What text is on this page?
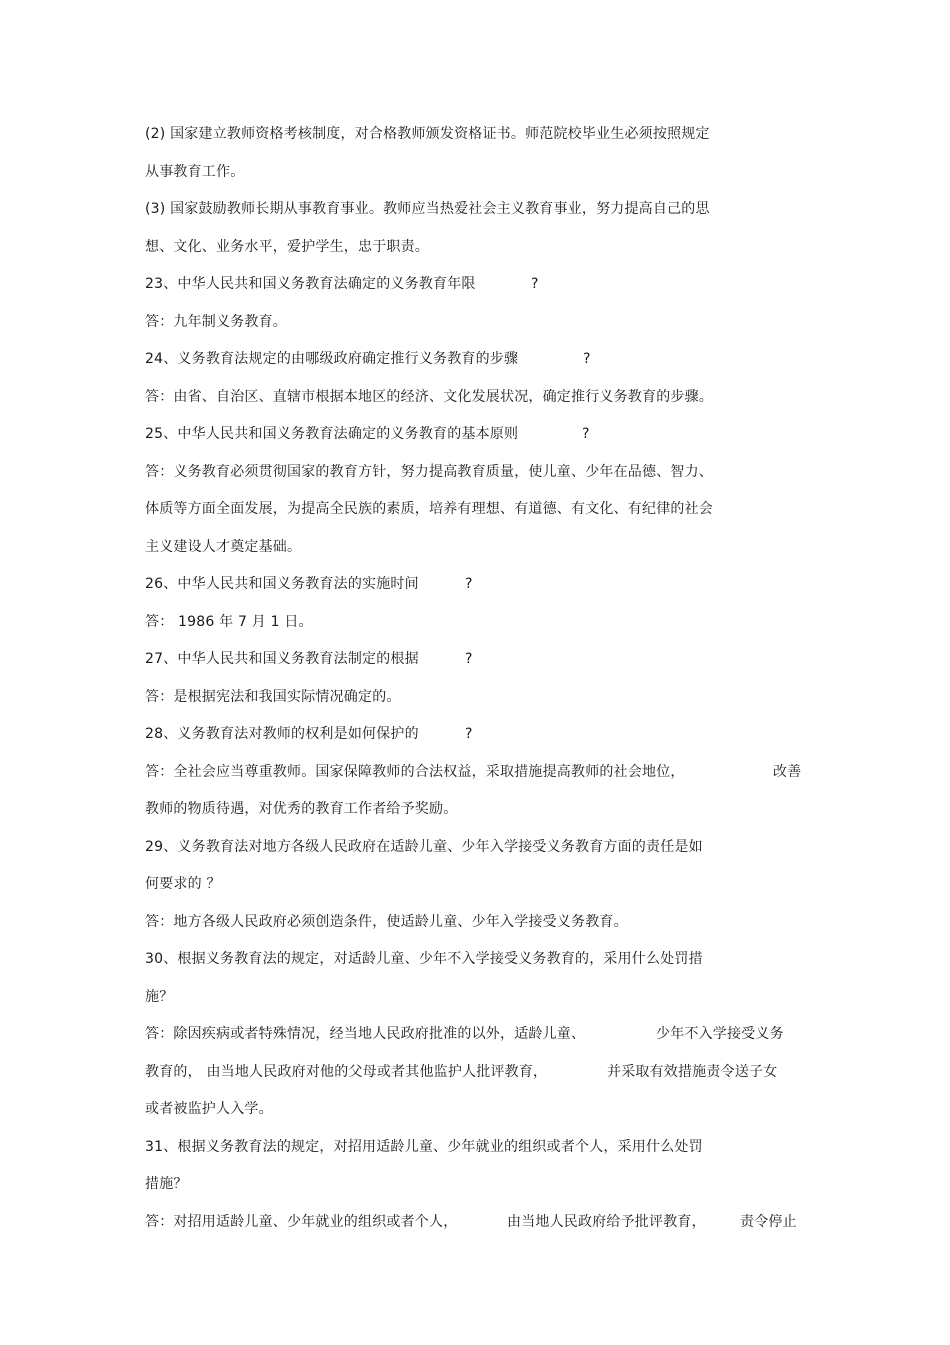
(2) 国家建立教师资格考核制度，对合格教师颁发资格证书。师范院校毕业生必须按照规定
从事教育工作。
(3) 国家鼓励教师长期从事教育事业。教师应当热爱社会主义教育事业，努力提高自己的思
想、文化、业务水平，爱护学生，忠于职责。
23、中华人民共和国义务教育法确定的义务教育年限	?
答：九年制义务教育。
24、义务教育法规定的由哪级政府确定推行义务教育的步骤	?
答：由省、自治区、直辖市根据本地区的经济、文化发展状况，确定推行义务教育的步骤。
25、中华人民共和国义务教育法确定的义务教育的基本原则	?
答：义务教育必须贯彻国家的教育方针，努力提高教育质量，使儿童、少年在品德、智力、
体质等方面全面发展，为提高全民族的素质，培养有理想、有道德、有文化、有纪律的社会
主义建设人才奠定基础。
26、中华人民共和国义务教育法的实施时间	?
答： 1986 年 7 月 1 日。
27、中华人民共和国义务教育法制定的根据	?
答：是根据宪法和我国实际情况确定的。
28、义务教育法对教师的权利是如何保护的	?
答：全社会应当尊重教师。国家保障教师的合法权益，采取措施提高教师的社会地位，	改善
教师的物质待遇，对优秀的教育工作者给予奖励。
29、义务教育法对地方各级人民政府在适龄儿童、少年入学接受义务教育方面的责任是如
何要求的 ？
答：地方各级人民政府必须创造条件，使适龄儿童、少年入学接受义务教育。
30、根据义务教育法的规定，对适龄儿童、少年不入学接受义务教育的，采用什么处罚措
施？
答：除因疾病或者特殊情况，经当地人民政府批准的以外，适龄儿童、	少年不入学接受义务
教育的， 由当地人民政府对他的父母或者其他监护人批评教育，	并采取有效措施责令送子女
或者被监护人入学。
31、根据义务教育法的规定，对招用适龄儿童、少年就业的组织或者个人，采用什么处罚
措施？
答：对招用适龄儿童、少年就业的组织或者个人，	由当地人民政府给予批评教育， 责令停止
